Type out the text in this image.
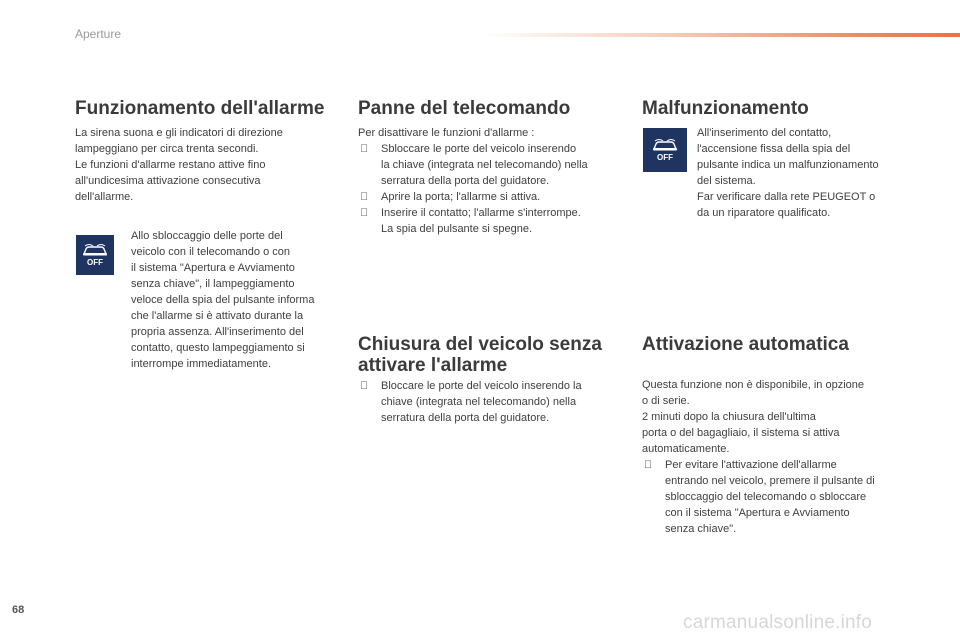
Aperture
Funzionamento dell'allarme

La sirena suona e gli indicatori di direzione

lampeggiano per circa trenta secondi.

Le funzioni d'allarme restano attive fino

all'undicesima attivazione consecutiva

dell'allarme.

OFF

Allo sbloccaggio delle porte del

veicolo con il telecomando o con

il sistema "Apertura e Avviamento

senza chiave", il lampeggiamento

veloce della spia del pulsante informa

che l'allarme si è attivato durante la

propria assenza. All'inserimento del

contatto, questo lampeggiamento si

interrompe immediatamente.

Panne del telecomando

Per disattivare le funzioni d'allarme :

Sbloccare le porte del veicolo inserendo
la chiave (integrata nel telecomando) nella
serratura della porta del guidatore.
Aprire la porta; l'allarme si attiva.
Inserire il contatto; l'allarme s'interrompe.
La spia del pulsante si spegne.
Chiusura del veicolo senza
attivare l'allarme
Bloccare le porte del veicolo inserendo la
chiave (integrata nel telecomando) nella
serratura della porta del guidatore.
Malfunzionamento
OFF

All'inserimento del contatto,

l'accensione fissa della spia del

pulsante indica un malfunzionamento

del sistema.

Far verificare dalla rete PEUGEOT o

da un riparatore qualificato.

Attivazione automatica

Questa funzione non è disponibile, in opzione

o di serie.

2 minuti dopo la chiusura dell'ultima

porta o del bagagliaio, il sistema si attiva

automaticamente.

Per evitare l'attivazione dell'allarme
entrando nel veicolo, premere il pulsante di
sbloccaggio del telecomando o sbloccare
con il sistema "Apertura e Avviamento
senza chiave".
68
carmanualsonline.info
